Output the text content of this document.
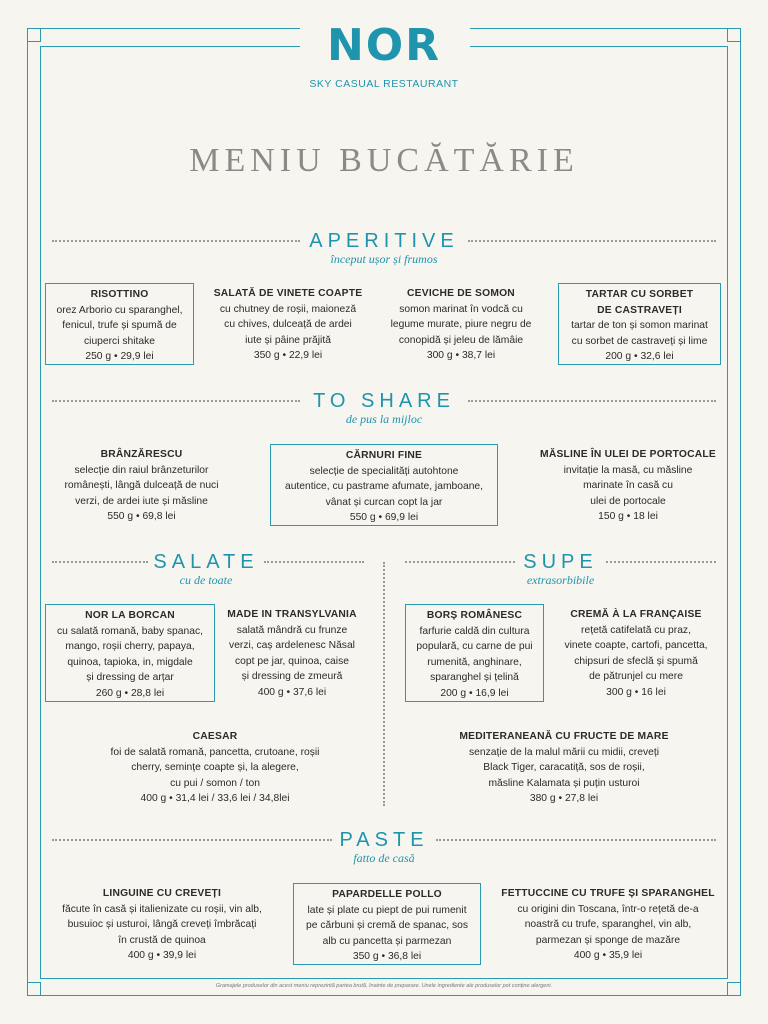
NOR
SKY CASUAL RESTAURANT
MENIU BUCĂTĂRIE
APERITIVE
început ușor și frumos
RISOTTINO
orez Arborio cu sparanghel,
fenicul, trufe și spumă de
ciuperci shitake
250 g • 29,9 lei
SALATĂ DE VINETE COAPTE
cu chutney de roșii, maioneză
cu chives, dulceață de ardei
iute și pâine prăjită
350 g • 22,9 lei
CEVICHE DE SOMON
somon marinat în vodcă cu
legume murate, piure negru de
conopidă și jeleu de lămâie
300 g • 38,7 lei
TARTAR CU SORBET
DE CASTRAVEȚI
tartar de ton și somon marinat
cu sorbet de castraveți și lime
200 g • 32,6 lei
TO SHARE
de pus la mijloc
BRÂNZĂRESCU
selecție din raiul brânzeturilor
românești, lângă dulceață de nuci
verzi, de ardei iute și măsline
550 g • 69,8 lei
CĂRNURI FINE
selecție de specialități autohtone
autentice, cu pastrame afumate, jamboane,
vânat și curcan copt la jar
550 g • 69,9 lei
MĂSLINE ÎN ULEI DE PORTOCALE
invitație la masă, cu măsline
marinate în casă cu
ulei de portocale
150 g • 18 lei
SALATE
cu de toate
SUPE
extrasorbibile
NOR LA BORCAN
cu salată romană, baby spanac,
mango, roșii cherry, papaya,
quinoa, tapioka, in, migdale
și dressing de arțar
260 g • 28,8 lei
MADE IN TRANSYLVANIA
salată mândră cu frunze
verzi, caș ardelenesc Năsal
copt pe jar, quinoa, caise
și dressing de zmeură
400 g • 37,6 lei
CAESAR
foi de salată romană, pancetta, crutoane, roșii
cherry, semințe coapte și, la alegere,
cu pui / somon / ton
400 g • 31,4 lei / 33,6 lei / 34,8lei
BORȘ ROMÂNESC
farfurie caldă din cultura
populară, cu carne de pui
rumenită, anghinare,
sparanghel și țelină
200 g • 16,9 lei
CREMĂ À LA FRANÇAISE
rețetă catifelată cu praz,
vinete coapte, cartofi, pancetta,
chipsuri de sfeclă și spumă
de pătrunjel cu mere
300 g • 16 lei
MEDITERANEANĂ CU FRUCTE DE MARE
senzație de la malul mării cu midii, creveți
Black Tiger, caracatiță, sos de roșii,
măsline Kalamata și puțin usturoi
380 g • 27,8 lei
PASTE
fatto de casă
LINGUINE CU CREVEȚI
făcute în casă și italienizate cu roșii, vin alb,
busuioc și usturoi, lângă creveți îmbrăcați
în crustă de quinoa
400 g • 39,9 lei
PAPARDELLE POLLO
late și plate cu piept de pui rumenit
pe cărbuni și cremă de spanac, sos
alb cu pancetta și parmezan
350 g • 36,8 lei
FETTUCCINE CU TRUFE ȘI SPARANGHEL
cu origini din Toscana, într-o rețetă de-a
noastră cu trufe, sparanghel, vin alb,
parmezan și sponge de mazăre
400 g • 35,9 lei
Gramajele produselor din acest meniu reprezintă partea brută, înainte de preparare. Unele ingrediente ale produselor pot conține alergeni.
